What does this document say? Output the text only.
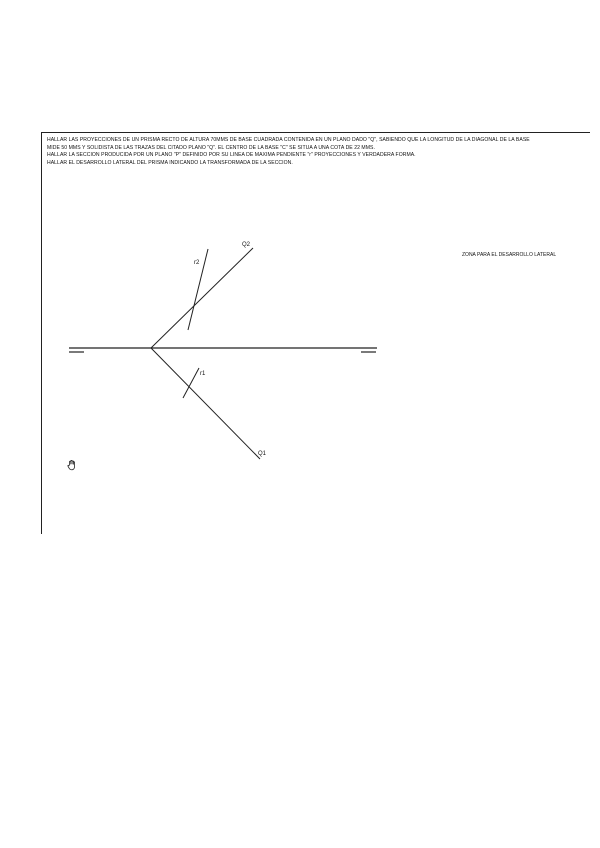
HALLAR LAS PROYECCIONES DE UN PRISMA RECTO DE ALTURA 70MMS DE BASE CUADRADA CONTENIDA EN UN PLANO DADO "Q", SABIENDO QUE LA LONGITUD DE LA DIAGONAL DE LA BASE
MIDE 50 MMS Y SOLIDISTA DE LAS TRAZAS DEL CITADO PLANO "Q". EL CENTRO DE LA BASE "C" SE SITUA A UNA COTA DE 22 MMS.
HALLAR LA SECCION PRODUCIDA POR UN PLANO "P" DEFINIDO POR SU LINEA DE MAXIMA PENDIENTE "r" PROYECCIONES Y VERDADERA FORMA.
HALLAR EL DESARROLLO LATERAL DEL PRISMA INDICANDO LA TRANSFORMADA DE LA SECCION.
ZONA PARA EL DESARROLLO LATERAL
Q2
Q1
r2
r1
